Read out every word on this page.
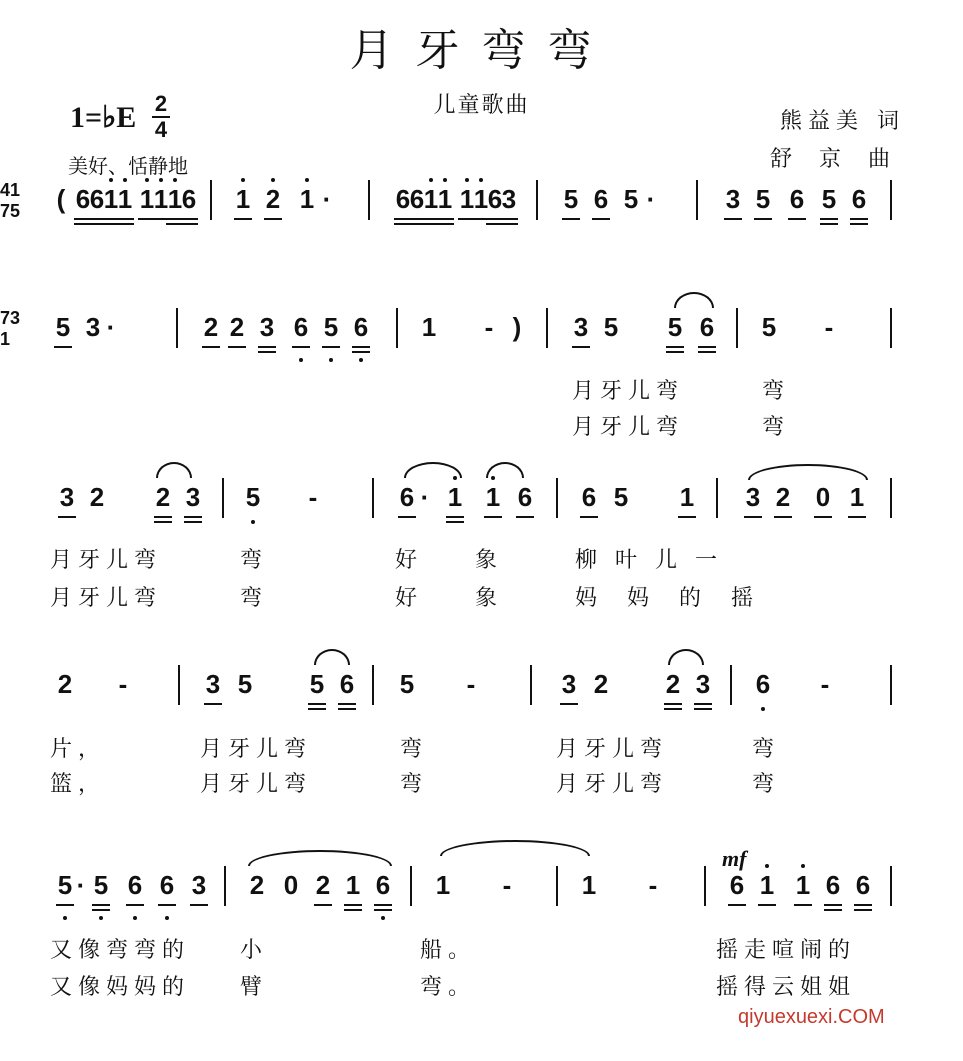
月牙弯弯
儿童歌曲
1=♭E 2
4
美好、恬静地
熊益美 词
舒 京 曲
( 6 6 1 1 1 1 1 6 1 2 1 ·
41	6 6 1 1 1 1 6 3 5 6 5 ·
75	3 5 6 5 6
5 3 ·
73	2 2 3 6 5 6 1 - )
1	3 5 5 6 5 -
3 2 2 3 5 -	6 · 1 1 6 6 5 1 3 2 0 1
2 -	3 5 5 6 5 -	3 2 2 3 6 -
5 · 5 6 6 3 2 0 2 1 6 1 -	1 -	6 1 1 6 6
月牙儿弯	弯
月牙儿弯	弯
月牙儿弯	弯	好 象	柳叶儿一
月牙儿弯	弯	好 象	妈妈的摇
片，	月牙儿弯	弯	月牙儿弯	弯
篮，	月牙儿弯	弯	月牙儿弯	弯
又像弯弯的 小	船。	摇走喧闹的
又像妈妈的 臂	弯。	摇得云姐姐
mf
qiyuexuexi.COM
